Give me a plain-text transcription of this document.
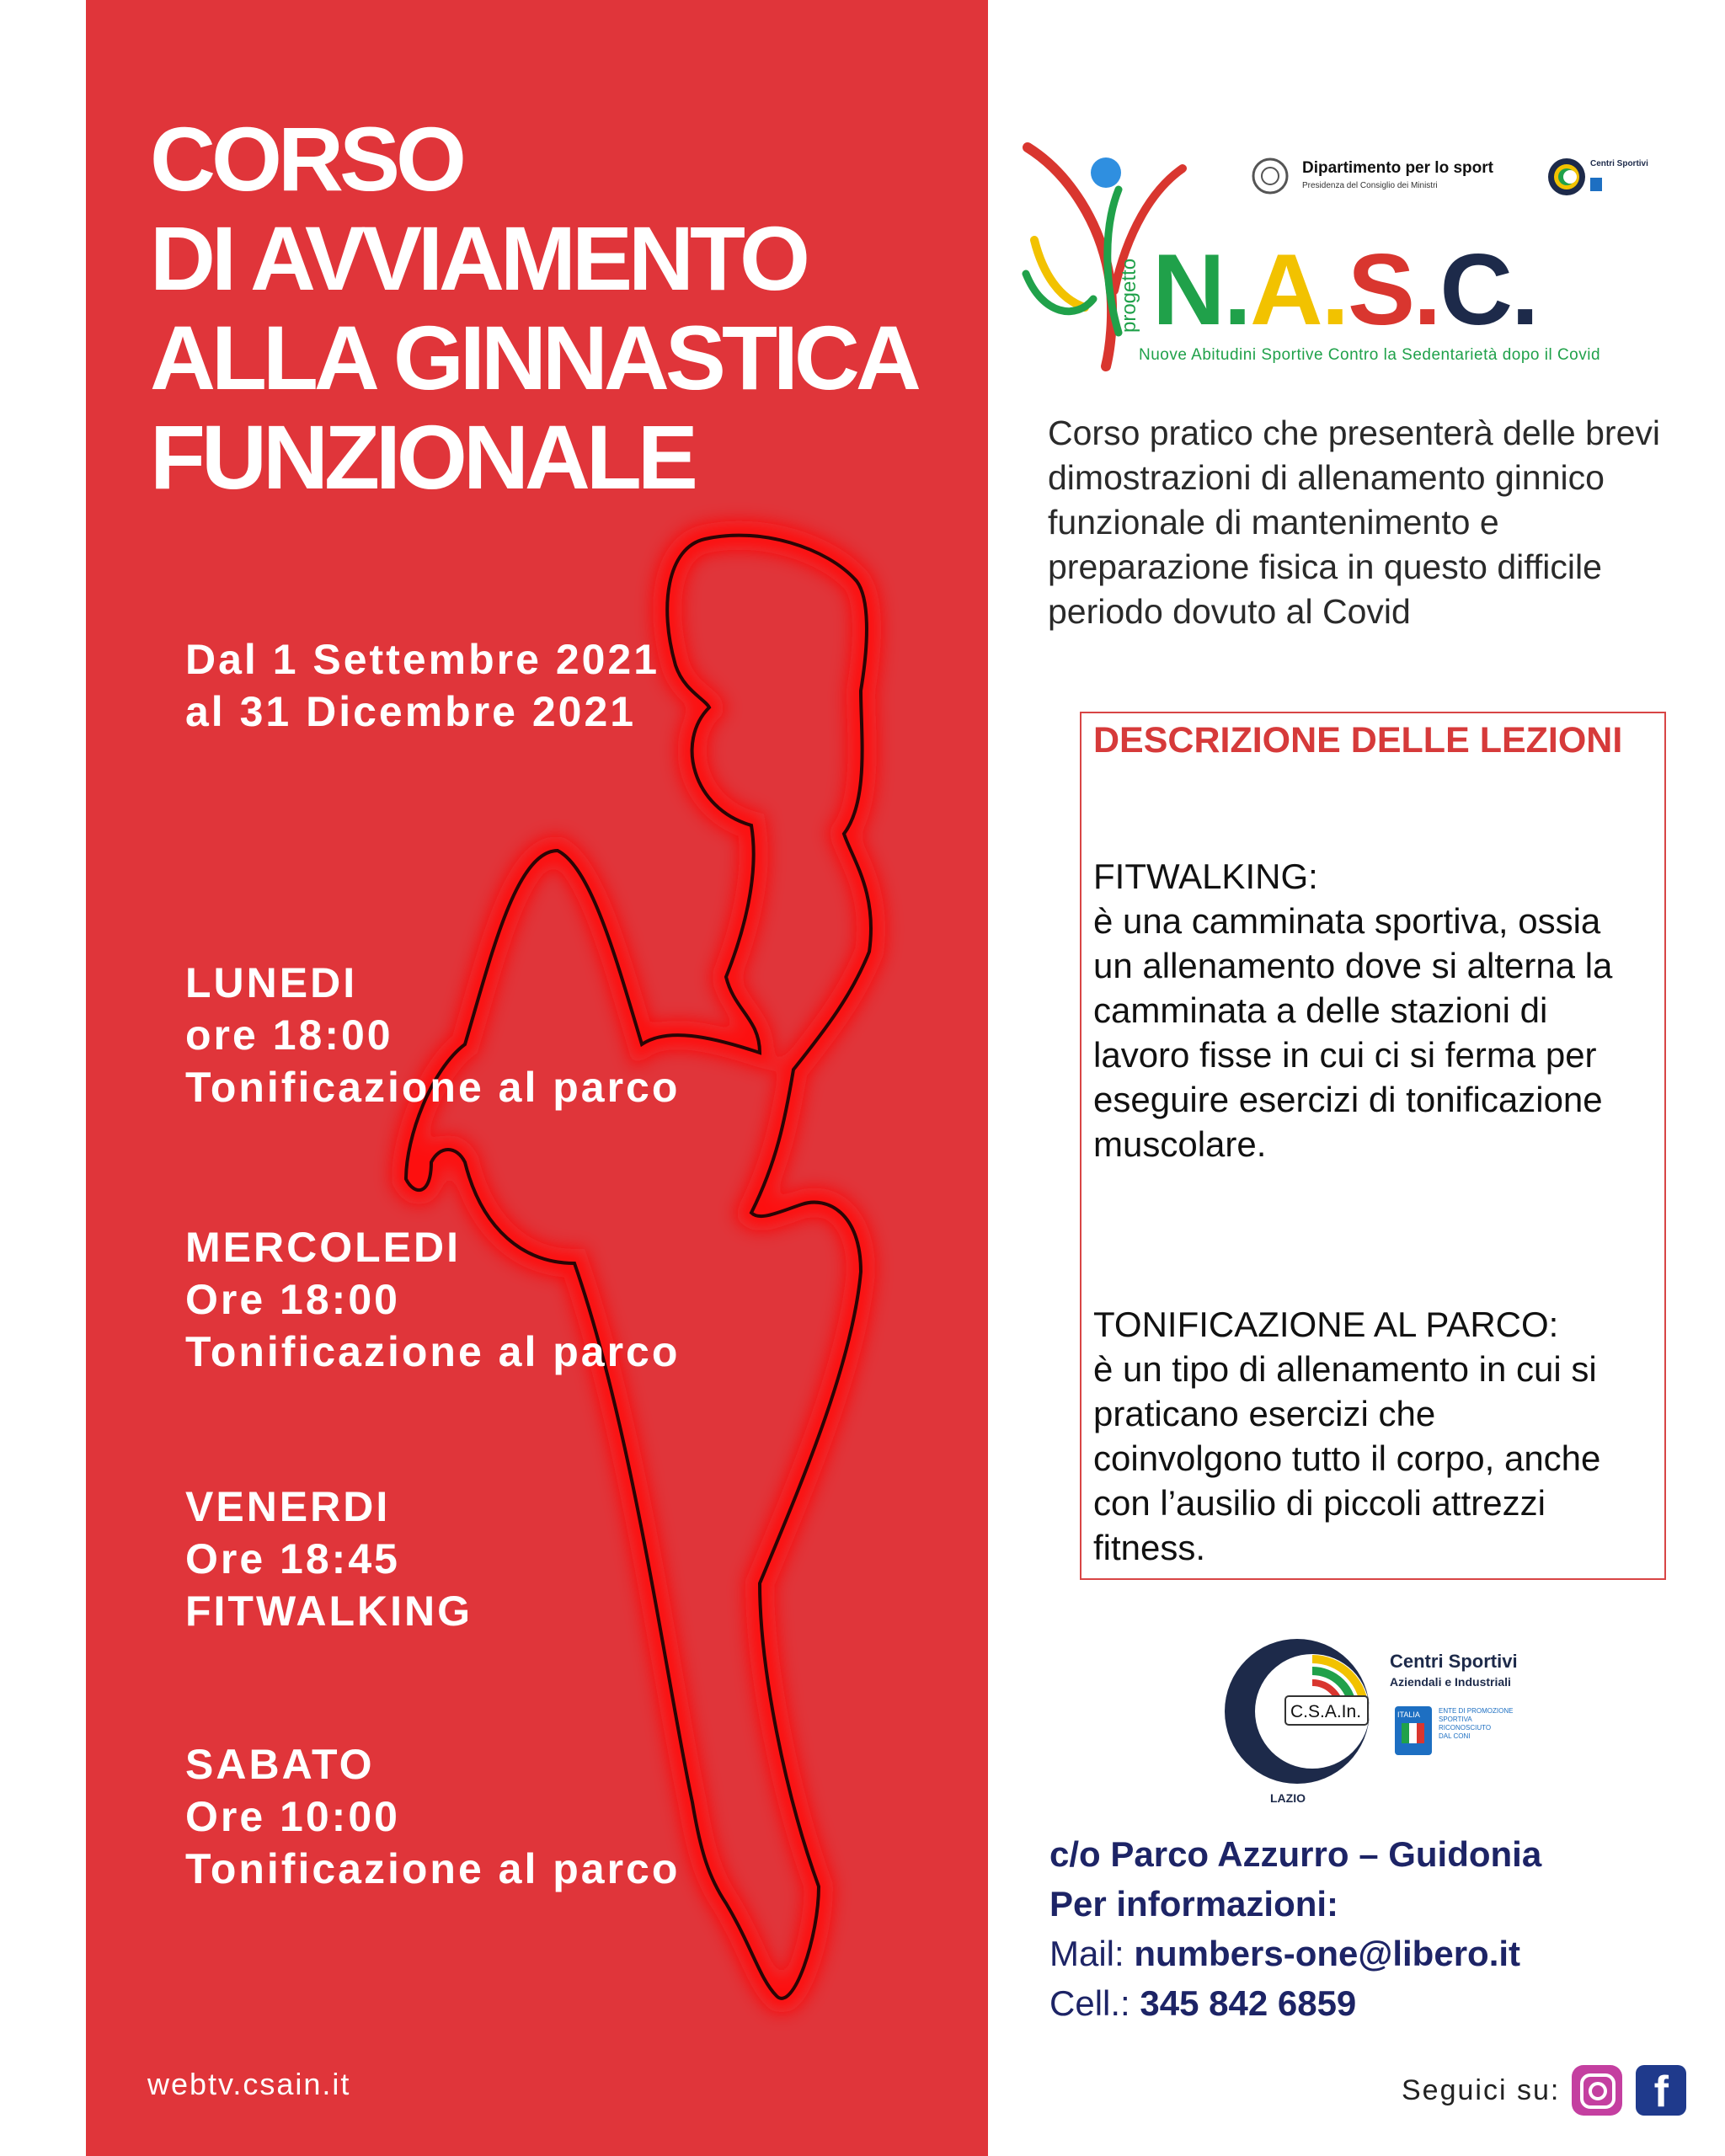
CORSO
DI AVVIAMENTO
ALLA GINNASTICA
FUNZIONALE
Dal 1 Settembre 2021
al 31 Dicembre 2021
LUNEDI
ore 18:00
Tonificazione al parco
MERCOLEDI
Ore 18:00
Tonificazione al parco
VENERDI
Ore 18:45
FITWALKING
SABATO
Ore 10:00
Tonificazione al parco
webtv.csain.it
progetto N.A.S.C.
Nuove Abitudini Sportive Contro la Sedentarietà dopo il Covid
Dipartimento per lo sport
Presidenza del Consiglio dei Ministri
Centri Sportivi
Corso pratico che presenterà delle brevi
dimostrazioni di allenamento ginnico
funzionale di mantenimento e
preparazione fisica in questo difficile
periodo dovuto al Covid
DESCRIZIONE DELLE LEZIONI
FITWALKING:
è una camminata sportiva, ossia
un allenamento dove si alterna la
camminata a delle stazioni di
lavoro fisse in cui ci si ferma per
eseguire esercizi di tonificazione
muscolare.
TONIFICAZIONE AL PARCO:
è un tipo di allenamento in cui si
praticano esercizi che
coinvolgono tutto il corpo, anche
con l’ausilio di piccoli attrezzi
fitness.
C.S.A.In.
LAZIO
Centri Sportivi
Aziendali e Industriali
ITALIA	ENTE DI PROMOZIONE
SPORTIVA
RICONOSCIUTO
DAL CONI
c/o Parco Azzurro – Guidonia
Per informazioni:
Mail: numbers-one@libero.it
Cell.: 345 842 6859
Seguici su:	f
